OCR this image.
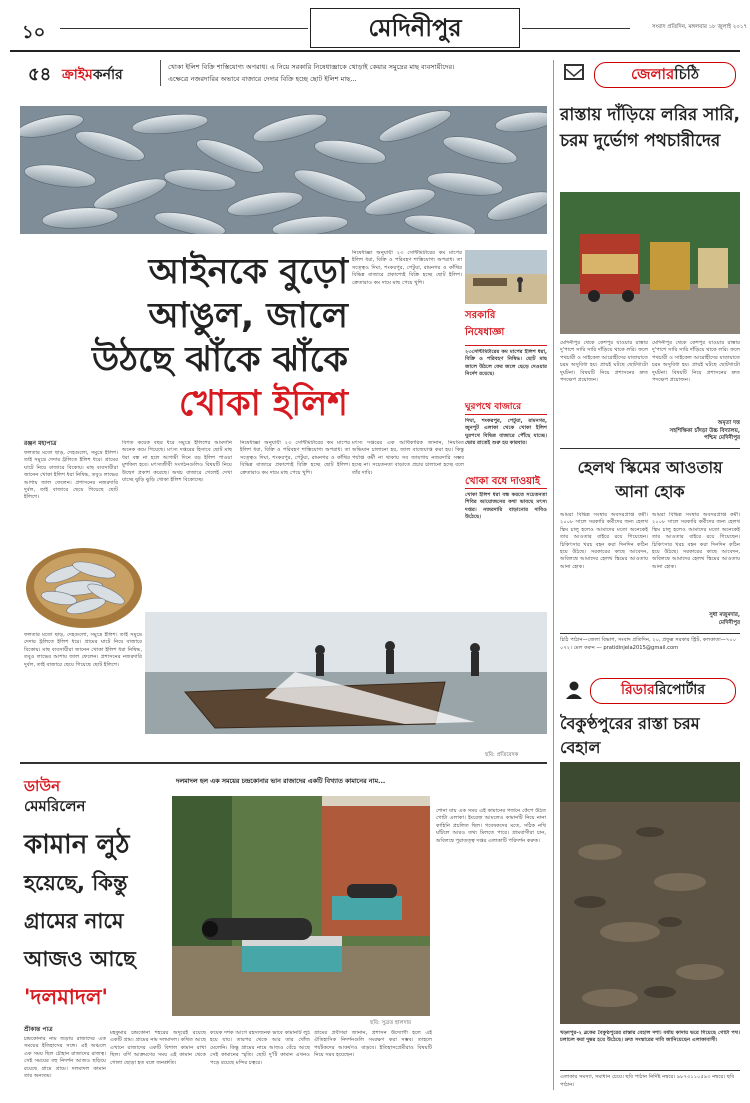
১০	মেদিনীপুর	সংবাদ প্রতিদিন, মঙ্গলবার ১৮ জুলাই ২০১৭
৫৪ ক্রাইমকর্নার	খোকা ইলিশ বিক্রি শাস্তিযোগ্য অপরাধ। এ নিয়ে সরকারি নিষেধাজ্ঞাকে থোড়াই কেয়ার সমুদ্রের মাছ ব্যবসায়ীদের।
এক্ষেত্রে নজরদারির অভাবে বাজারে দেদার বিক্রি হচ্ছে ছোট ইলিশ মাছ...
আইনকে বুড়ো
আঙুল, জালে
উঠছে ঝাঁকে ঝাঁকে
খোকা ইলিশ
রঞ্জন মহাপাত্র
ফলতার মতো ছাড়, দেহগুলো, সমুদ্রে ইলিশ। তাই সমুদ্রে দেদার ট্রলিতে ইলিশ ধরে। গ্রামের ঘাটে নিয়ে বাজারে বিকোয়। মাছ ব্যবসায়ীরা জানেন খোকা ইলিশ ধরা নিষিদ্ধ, তবুও লাভের আশায় জাল ফেলেন। প্রশাসনের নজরদারি দুর্বল, তাই বাজারে ছেয়ে গিয়েছে ছোট ইলিশে।
ফলতার মতো ছাড়, দেহগুলো, সমুদ্রে ইলিশ। তাই সমুদ্রে দেদার ট্রলিতে ইলিশ ধরে। গ্রামের ঘাটে নিয়ে বাজারে বিকোয়। মাছ ব্যবসায়ীরা জানেন খোকা ইলিশ ধরা নিষিদ্ধ, তবুও লাভের আশায় জাল ফেলেন। প্রশাসনের নজরদারি দুর্বল, তাই বাজারে ছেয়ে গিয়েছে ছোট ইলিশে।
বিগত কয়েক বছর ধরে সমুদ্রে ইলিশের আমদানি অনেক কমে গিয়েছে। মৎস্য দপ্তরের হিসাবে ছোট মাছ ধরা বন্ধ না হলে আগামী দিনে বড় ইলিশ পাওয়া মুশকিল হবে। মৎস্যজীবী সংগঠনগুলিও বিষয়টি নিয়ে উদ্বেগ প্রকাশ করেছে। অথচ বাজারে গেলেই দেখা যাচ্ছে ঝুড়ি ঝুড়ি খোকা ইলিশ বিকোচ্ছে।
নিষেধাজ্ঞা অনুযায়ী ২৩ সেন্টিমিটারের কম মাপের ইলিশ ধরা, বিক্রি ও পরিবহণ শাস্তিযোগ্য অপরাধ। তা সত্ত্বেও দিঘা, শংকরপুর, পেটুয়া, রামনগর ও কাঁথির বিভিন্ন বাজারে প্রকাশ্যেই বিক্রি হচ্ছে ছোট ইলিশ। ক্রেতারাও কম দামে মাছ পেয়ে খুশি।
নিষেধাজ্ঞা অনুযায়ী ২৩ সেন্টিমিটারের কম মাপের ইলিশ ধরা, বিক্রি ও পরিবহণ শাস্তিযোগ্য অপরাধ। তা সত্ত্বেও দিঘা, শংকরপুর, পেটুয়া, রামনগর ও কাঁথির বিভিন্ন বাজারে প্রকাশ্যেই বিক্রি হচ্ছে ছোট ইলিশ। ক্রেতারাও কম দামে মাছ পেয়ে খুশি।
মৎস্য দপ্তরের এক আধিকারিক জানান, নিয়মিত অভিযান চালানো হয়, জাল বাজেয়াপ্ত করা হয়। কিন্তু পর্যাপ্ত কর্মী না থাকায় সব জায়গায় নজরদারি সম্ভব হচ্ছে না। সচেতনতা বাড়াতে প্রচার চালানো হচ্ছে বলে তাঁর দাবি।
সরকারি
নিষেধাজ্ঞা
২৩সেন্টিমিটারের কম মাপের ইলিশ ধরা, বিক্রি ও পরিবহণ নিষিদ্ধ। ছোট মাছ জালে উঠলে ফের জলে ছেড়ে দেওয়ার নির্দেশ রয়েছে।
ঘুরপথে বাজারে
দিঘা, শংকরপুর, পেটুয়া, রামনগর, জুনপুট এলাকা থেকে খোকা ইলিশ ঘুরপথে বিভিন্ন বাজারে পৌঁছে যাচ্ছে। ভোর রাতেই শুরু হয় কারবার।
খোকা বধে দাওয়াই
খোকা ইলিশ ধরা বন্ধ করতে সচেতনতা শিবির আয়োজনের কথা ভাবছে মৎস্য দপ্তর। নজরদারি বাড়ানোর দাবিও উঠেছে।
ছবি: প্রতিবেদক
জেলারচিঠি
রাস্তায় দাঁড়িয়ে লরির সারি, চরম দুর্ভোগ পথচারীদের
মেদিনীপুর থেকে কেশপুর যাওয়ার রাস্তার দু'পাশে সারি সারি দাঁড়িয়ে থাকে লরি। ফলে পথচারী ও সাইকেল আরোহীদের যাতায়াতে চরম অসুবিধা হয়। প্রায়ই ঘটছে ছোটখাটো দুর্ঘটনা। বিষয়টি নিয়ে প্রশাসনের দ্রুত পদক্ষেপ প্রয়োজন।
মেদিনীপুর থেকে কেশপুর যাওয়ার রাস্তার দু'পাশে সারি সারি দাঁড়িয়ে থাকে লরি। ফলে পথচারী ও সাইকেল আরোহীদের যাতায়াতে চরম অসুবিধা হয়। প্রায়ই ঘটছে ছোটখাটো দুর্ঘটনা। বিষয়টি নিয়ে প্রশাসনের দ্রুত পদক্ষেপ প্রয়োজন।
অমৃতা দত্ত
সহশিক্ষিকা চাঁদড়া উচ্চ বিদ্যালয়,
পশ্চিম মেদিনীপুর
হেলথ স্কিমের আওতায় আনা হোক
আমরা বিভিন্ন সংস্থার অবসরপ্রাপ্ত কর্মী। ২০০৮ সালে সরকারি কর্মীদের জন্য হেলথ স্কিম চালু হলেও আমাদের মতো অনেকেই তার আওতার বাইরে রয়ে গিয়েছেন। চিকিৎসার খরচ বহন করা দিনদিন কঠিন হয়ে উঠছে। সরকারের কাছে আবেদন, অবিলম্বে আমাদের হেলথ স্কিমের আওতায় আনা হোক।
আমরা বিভিন্ন সংস্থার অবসরপ্রাপ্ত কর্মী। ২০০৮ সালে সরকারি কর্মীদের জন্য হেলথ স্কিম চালু হলেও আমাদের মতো অনেকেই তার আওতার বাইরে রয়ে গিয়েছেন। চিকিৎসার খরচ বহন করা দিনদিন কঠিন হয়ে উঠছে। সরকারের কাছে আবেদন, অবিলম্বে আমাদের হেলথ স্কিমের আওতায় আনা হোক।
সুধা মজুমদার,
মেদিনীপুর
চিঠি পাঠান—জেলা বিভাগ, সংবাদ প্রতিদিন, ২০, প্রফুল্ল সরকার স্ট্রিট, কলকাতা—৭০০ ০৭২। মেল করুন — pratidinjela2015@gmail.com
রিডাররিপোর্টার
বৈকুণ্ঠপুরের রাস্তা চরম বেহাল
খড়্গপুর-২ ব্লকের বৈকুণ্ঠপুরের রাস্তার বেহাল দশা। বর্ষায় কাদায় ভরে গিয়েছে গোটা পথ। চলাচল করা দুষ্কর হয়ে উঠেছে। দ্রুত সংস্কারের দাবি জানিয়েছেন এলাকাবাসী।
এলাকার সমস্যা, সমাধান চেয়ে। ছবি পাঠান নির্দিষ্ট নম্বরে। ৯৮৭৩১১০৫৯৩ নম্বরে। ছবি পাঠান।
ডাউন
মেমরিলেন
দলমাদল হল এক সময়ের চন্দ্রকোনার ভান রাজাদের একটি বিখ্যাত কামানের নাম...
কামান লুঠ
হয়েছে, কিন্তু
গ্রামের নামে
আজও আছে
'দলমাদল'
ছবি: সুব্রত হালদার
শোনা যায় এক সময় এই কামানের গর্জনে কেঁপে উঠত গোটা এলাকা। ইংরেজ আমলেও কামানটি নিয়ে নানা কাহিনি প্রচলিত ছিল। গবেষকদের মতে, সঠিক নথি ঘাঁটলে আরও তথ্য মিলতে পারে। গ্রামবাসীরা চান, অবিলম্বে পুরাতত্ত্ব দপ্তর এলাকাটি পরিদর্শন করুক।
শ্রীকান্ত পাত্র
চন্দ্রকোনার নাম জড়ায় রাজাদের এক সময়ের ইতিহাসের সঙ্গে। এই অঞ্চলে এক সময় ছিল চৌহান রাজাদের রাজত্ব। সেই সময়ের বহু নিদর্শন আজও ছড়িয়ে রয়েছে গ্রামে গ্রামে। দলমাদল কামান তার অন্যতম।
মহকুমার চন্দ্রকোনা শহরের অদূরেই রয়েছে একটি গ্রাম। গ্রামের নাম দলমাদল। কথিত আছে এখানে রাজাদের একটি বিশাল কামান রাখা ছিল। বর্গি আক্রমণের সময় এই কামান থেকে গোলা ছোড়া হত বলে জনশ্রুতি।
কয়েক দশক আগে রহস্যজনক ভাবে কামানটি লুঠ হয়ে যায়। তারপর থেকে আর তার খোঁজ মেলেনি। কিন্তু গ্রামের নামে আজও বেঁচে আছে সেই কামানের স্মৃতি। ছোট দু'টি কামান এখনও পড়ে রয়েছে মন্দির চত্বরে।
গ্রামের প্রবীণরা জানান, প্রশাসন উদ্যোগী হলে এই ঐতিহাসিক নিদর্শনগুলি সংরক্ষণ করা সম্ভব। তাহলে পর্যটকদের আকর্ষণও বাড়বে। ইতিহাসপ্রেমীরাও বিষয়টি নিয়ে সরব হয়েছেন।
